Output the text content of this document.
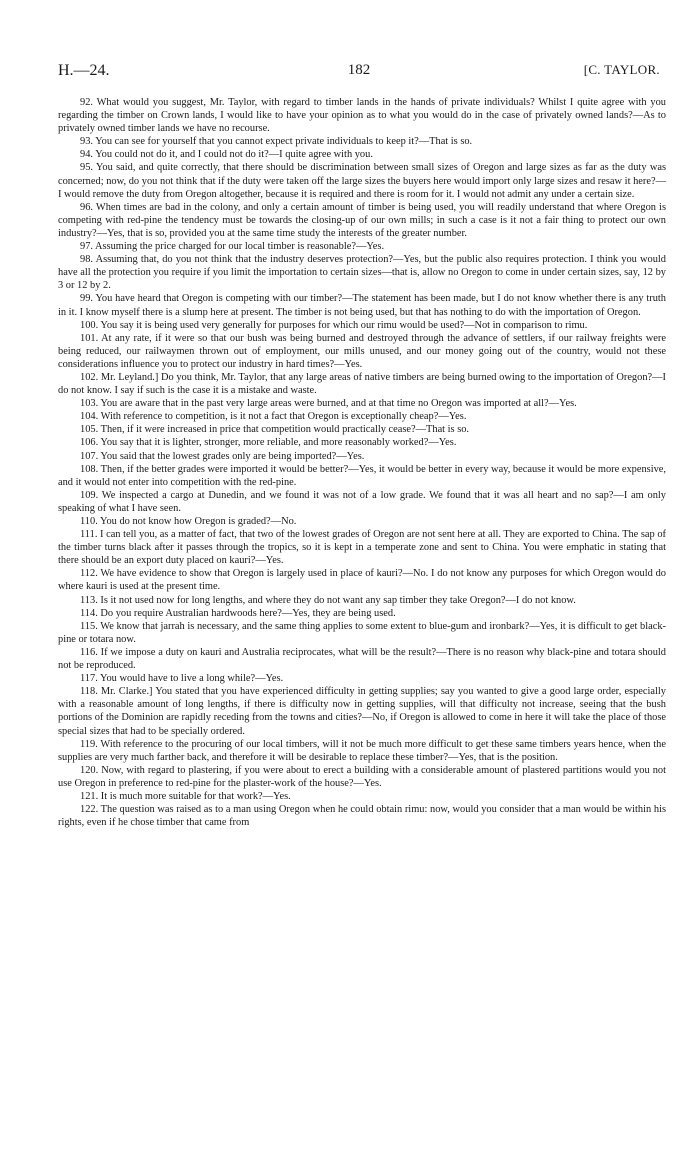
H.—24.	182	[C. TAYLOR.

92. What would you suggest, Mr. Taylor, with regard to timber lands in the hands of private individuals? Whilst I quite agree with you regarding the timber on Crown lands, I would like to have your opinion as to what you would do in the case of privately owned lands?—As to privately owned timber lands we have no recourse.

93. You can see for yourself that you cannot expect private individuals to keep it?—That is so.

94. You could not do it, and I could not do it?—I quite agree with you.

95. You said, and quite correctly, that there should be discrimination between small sizes of Oregon and large sizes as far as the duty was concerned; now, do you not think that if the duty were taken off the large sizes the buyers here would import only large sizes and resaw it here?—I would remove the duty from Oregon altogether, because it is required and there is room for it. I would not admit any under a certain size.

96. When times are bad in the colony, and only a certain amount of timber is being used, you will readily understand that where Oregon is competing with red-pine the tendency must be towards the closing-up of our own mills; in such a case is it not a fair thing to protect our own industry?—Yes, that is so, provided you at the same time study the interests of the greater number.

97. Assuming the price charged for our local timber is reasonable?—Yes.

98. Assuming that, do you not think that the industry deserves protection?—Yes, but the public also requires protection. I think you would have all the protection you require if you limit the importation to certain sizes—that is, allow no Oregon to come in under certain sizes, say, 12 by 3 or 12 by 2.

99. You have heard that Oregon is competing with our timber?—The statement has been made, but I do not know whether there is any truth in it. I know myself there is a slump here at present. The timber is not being used, but that has nothing to do with the importation of Oregon.

100. You say it is being used very generally for purposes for which our rimu would be used?—Not in comparison to rimu.

101. At any rate, if it were so that our bush was being burned and destroyed through the advance of settlers, if our railway freights were being reduced, our railwaymen thrown out of employment, our mills unused, and our money going out of the country, would not these considerations influence you to protect our industry in hard times?—Yes.

102. Mr. Leyland.] Do you think, Mr. Taylor, that any large areas of native timbers are being burned owing to the importation of Oregon?—I do not know. I say if such is the case it is a mistake and waste.

103. You are aware that in the past very large areas were burned, and at that time no Oregon was imported at all?—Yes.

104. With reference to competition, is it not a fact that Oregon is exceptionally cheap?—Yes.

105. Then, if it were increased in price that competition would practically cease?—That is so.

106. You say that it is lighter, stronger, more reliable, and more reasonably worked?—Yes.

107. You said that the lowest grades only are being imported?—Yes.

108. Then, if the better grades were imported it would be better?—Yes, it would be better in every way, because it would be more expensive, and it would not enter into competition with the red-pine.

109. We inspected a cargo at Dunedin, and we found it was not of a low grade. We found that it was all heart and no sap?—I am only speaking of what I have seen.

110. You do not know how Oregon is graded?—No.

111. I can tell you, as a matter of fact, that two of the lowest grades of Oregon are not sent here at all. They are exported to China. The sap of the timber turns black after it passes through the tropics, so it is kept in a temperate zone and sent to China. You were emphatic in stating that there should be an export duty placed on kauri?—Yes.

112. We have evidence to show that Oregon is largely used in place of kauri?—No. I do not know any purposes for which Oregon would do where kauri is used at the present time.

113. Is it not used now for long lengths, and where they do not want any sap timber they take Oregon?—I do not know.

114. Do you require Australian hardwoods here?—Yes, they are being used.

115. We know that jarrah is necessary, and the same thing applies to some extent to blue-gum and ironbark?—Yes, it is difficult to get black-pine or totara now.

116. If we impose a duty on kauri and Australia reciprocates, what will be the result?—There is no reason why black-pine and totara should not be reproduced.

117. You would have to live a long while?—Yes.

118. Mr. Clarke.] You stated that you have experienced difficulty in getting supplies; say you wanted to give a good large order, especially with a reasonable amount of long lengths, if there is difficulty now in getting supplies, will that difficulty not increase, seeing that the bush portions of the Dominion are rapidly receding from the towns and cities?—No, if Oregon is allowed to come in here it will take the place of those special sizes that had to be specially ordered.

119. With reference to the procuring of our local timbers, will it not be much more difficult to get these same timbers years hence, when the supplies are very much farther back, and therefore it will be desirable to replace these timber?—Yes, that is the position.

120. Now, with regard to plastering, if you were about to erect a building with a considerable amount of plastered partitions would you not use Oregon in preference to red-pine for the plaster-work of the house?—Yes.

121. It is much more suitable for that work?—Yes.

122. The question was raised as to a man using Oregon when he could obtain rimu: now, would you consider that a man would be within his rights, even if he chose timber that came from
